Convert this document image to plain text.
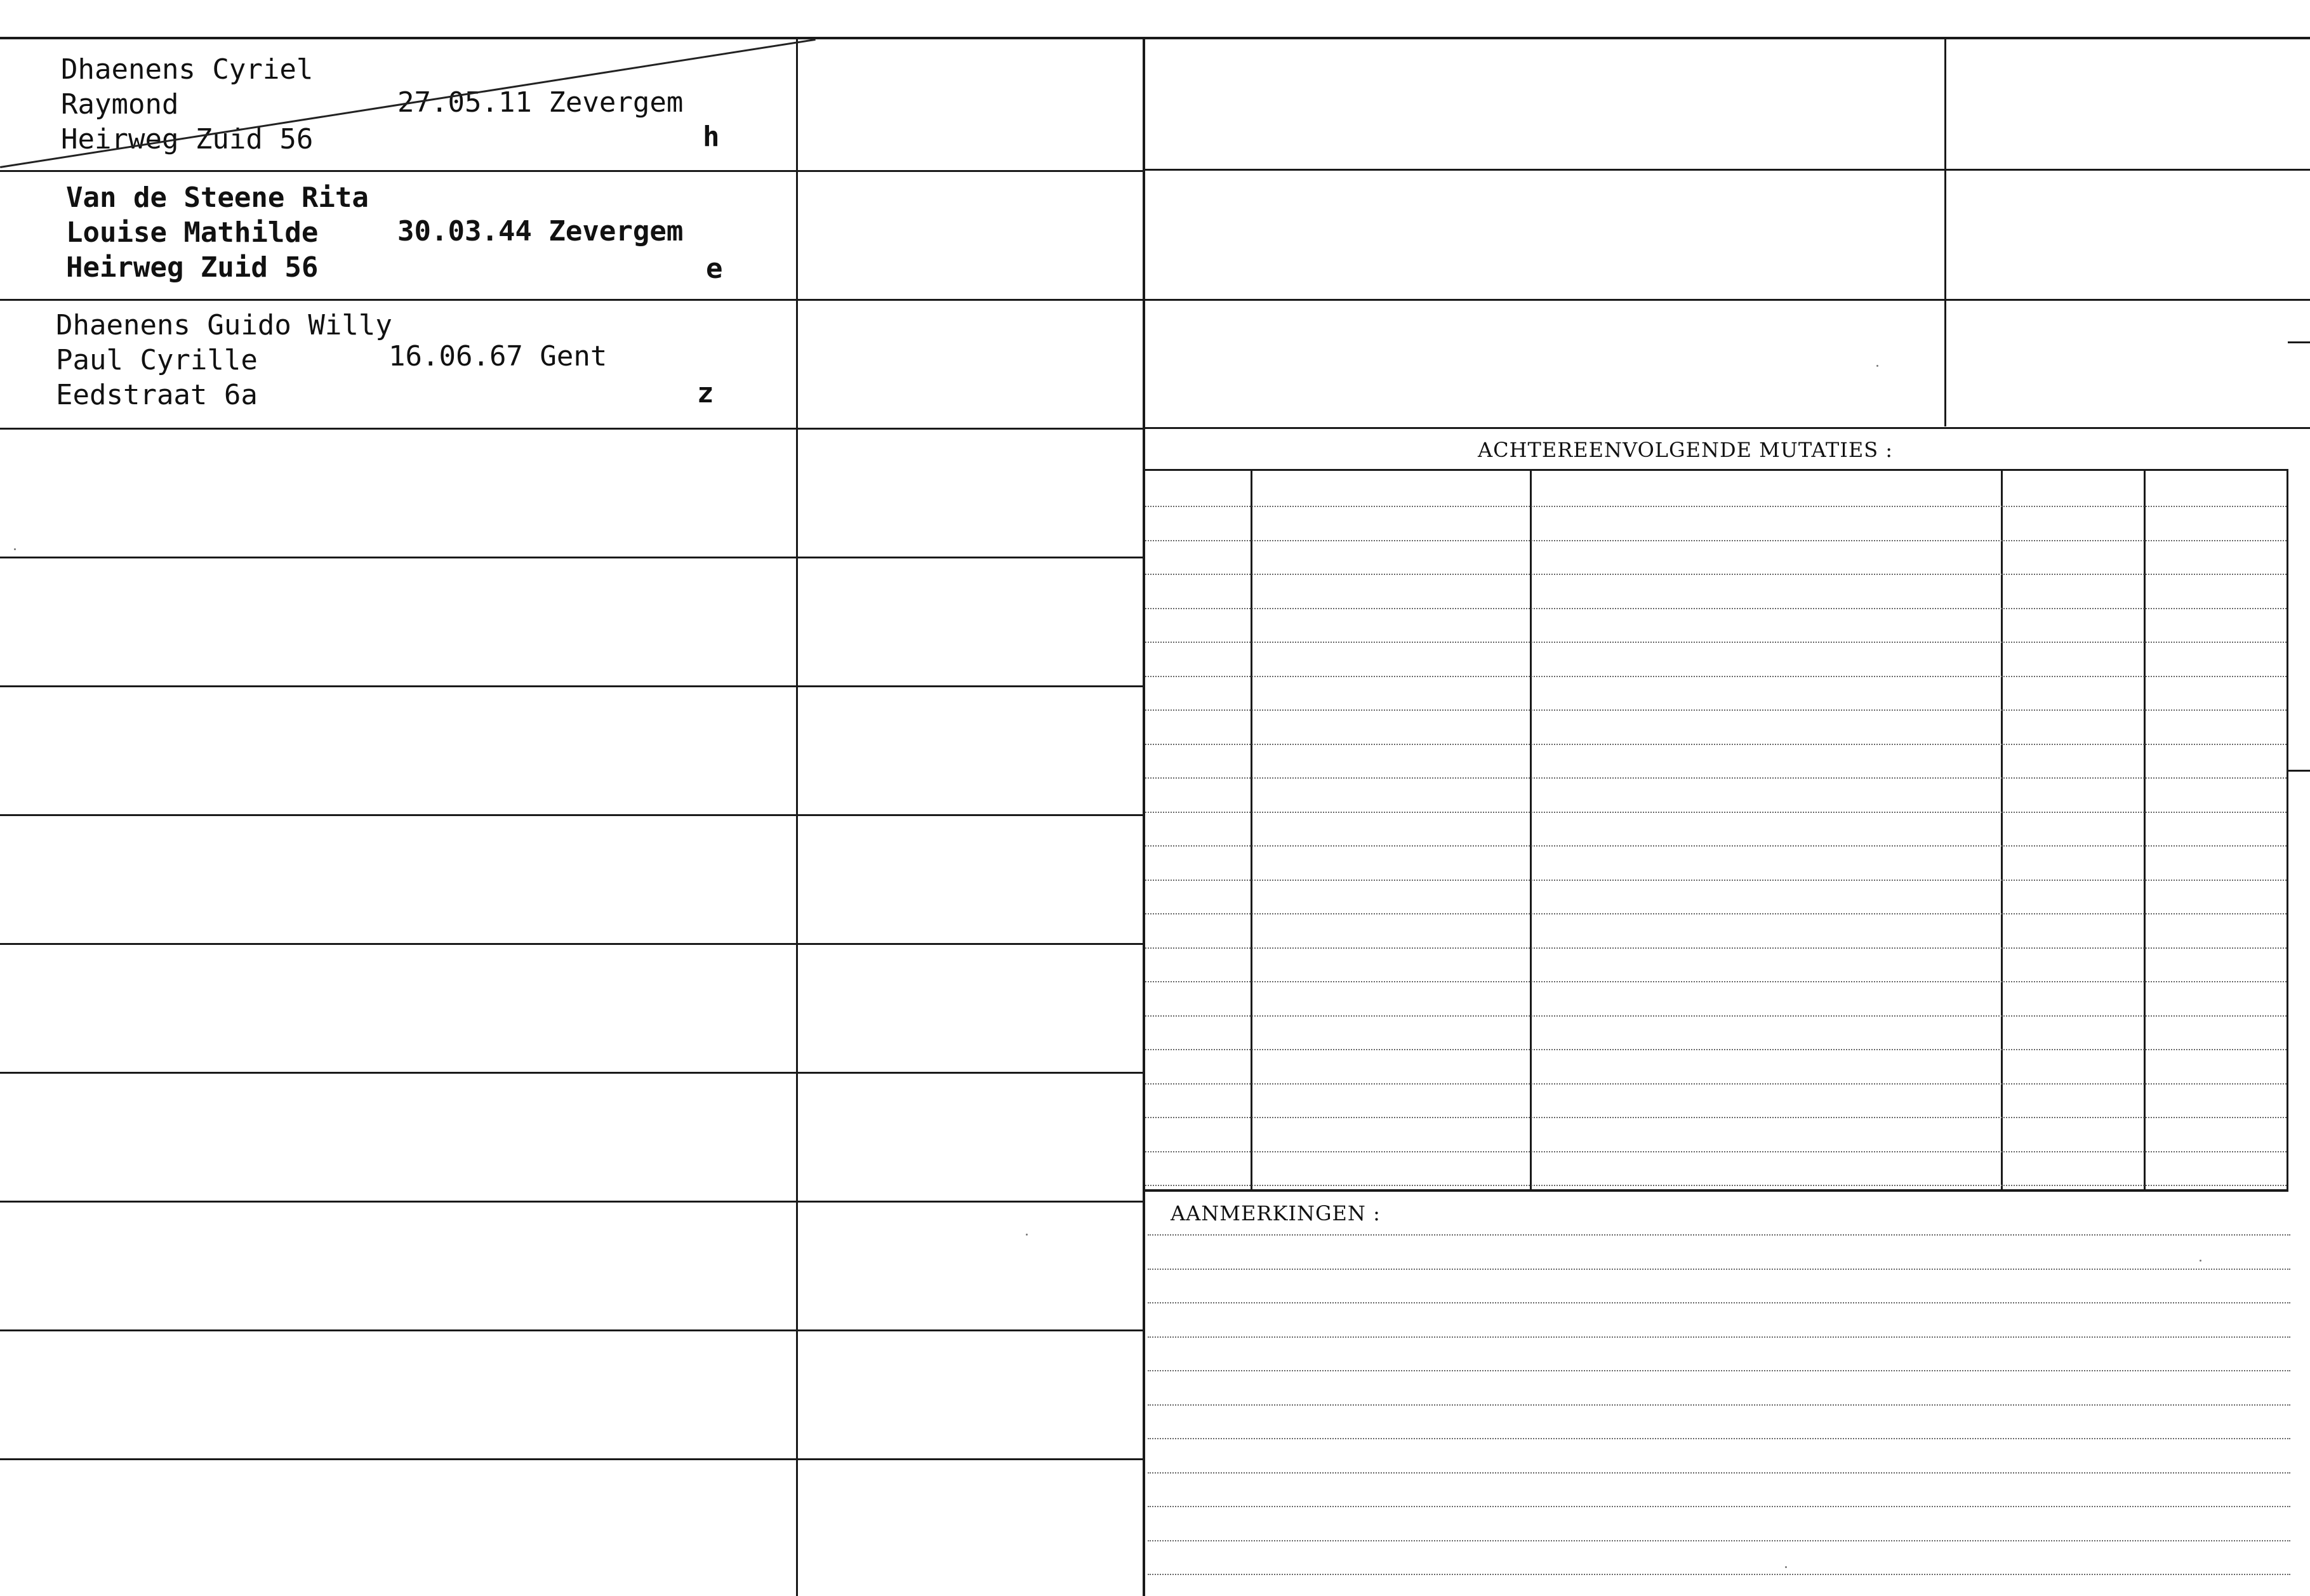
Dhaenens Cyriel
Raymond
Heirweg Zuid 56
27.05.11 Zevergem
h
Van de Steene Rita
Louise Mathilde
Heirweg Zuid 56
30.03.44 Zevergem
e
Dhaenens Guido Willy
Paul Cyrille
Eedstraat 6a
16.06.67 Gent
z
ACHTEREENVOLGENDE MUTATIES :
AANMERKINGEN :
